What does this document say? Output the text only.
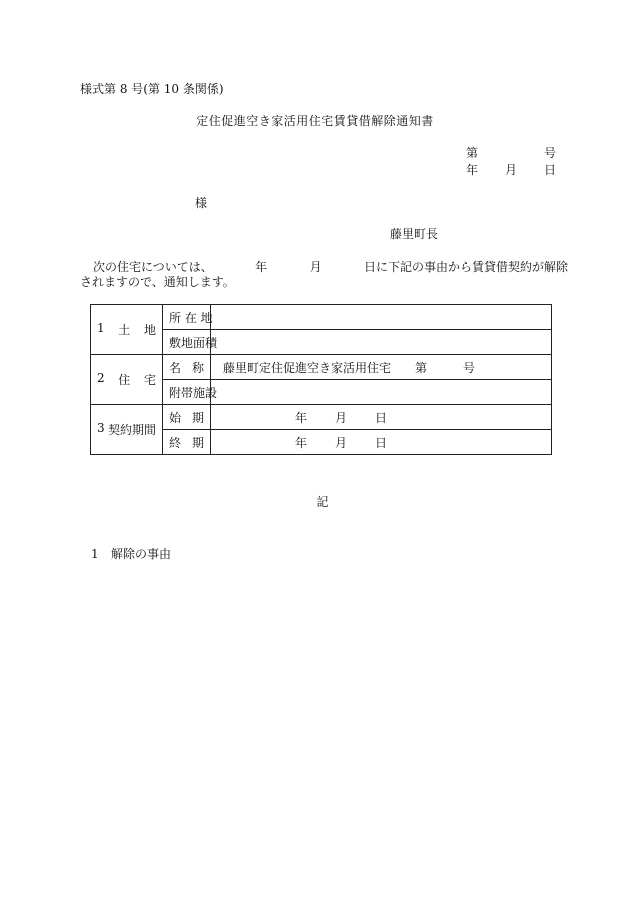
様式第 8 号(第 10 条関係)
定住促進空き家活用住宅賃貸借解除通知書
第	号
年 月 日
様
藤里町長
次の住宅については、	年	月	日に下記の事由から賃貸借契約が解除
されますので、通知します。
1 土 地	所 在 地	
	敷地面積	

2 住 宅	名 称	藤里町定住促進空き家活用住宅 第 号
	附帯施設	

3 契約期間	始 期	年 月 日

	終 期	年 月 日
記
1 解除の事由
